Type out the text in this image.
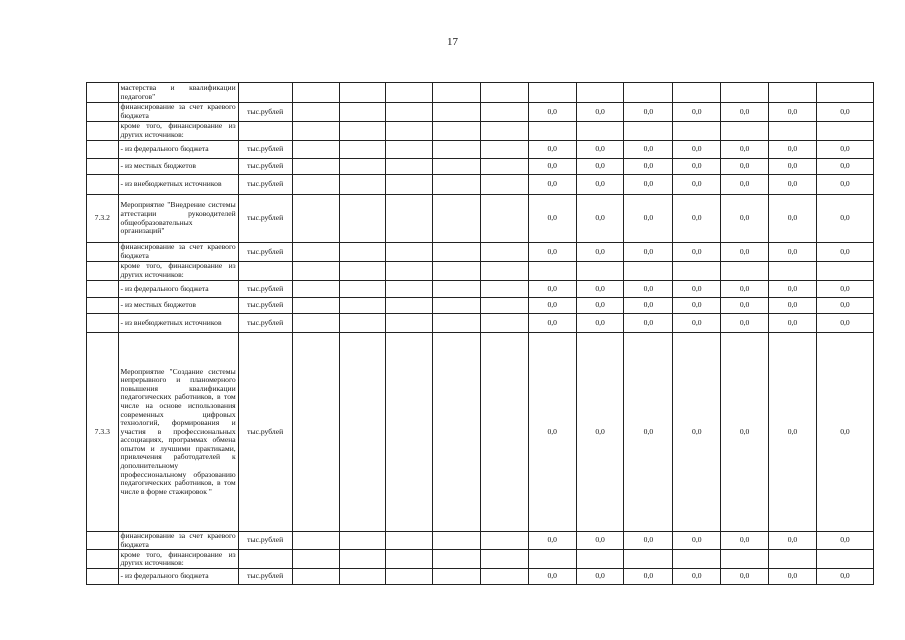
17
	мастерства и квалификации педагогов"													
	финансирование за счет краевого бюджета	тыс.рублей						0,0	0,0	0,0	0,0	0,0	0,0	0,0
	кроме того, финансирование из других источников:													
	- из федерального бюджета	тыс.рублей						0,0	0,0	0,0	0,0	0,0	0,0	0,0
	- из местных бюджетов	тыс.рублей						0,0	0,0	0,0	0,0	0,0	0,0	0,0
	- из внебюджетных источников	тыс.рублей						0,0	0,0	0,0	0,0	0,0	0,0	0,0
7.3.2	Мероприятие "Внедрение системы аттестации руководителей общеобразовательных организаций"	тыс.рублей						0,0	0,0	0,0	0,0	0,0	0,0	0,0
	финансирование за счет краевого бюджета	тыс.рублей						0,0	0,0	0,0	0,0	0,0	0,0	0,0
	кроме того, финансирование из других источников:													
	- из федерального бюджета	тыс.рублей						0,0	0,0	0,0	0,0	0,0	0,0	0,0
	- из местных бюджетов	тыс.рублей						0,0	0,0	0,0	0,0	0,0	0,0	0,0
	- из внебюджетных источников	тыс.рублей						0,0	0,0	0,0	0,0	0,0	0,0	0,0
7.3.3	Мероприятие "Создание системы непрерывного и планомерного повышения квалификации педагогических работников, в том числе на основе использования современных цифровых технологий, формирования и участия в профессиональных ассоциациях, программах обмена опытом и лучшими практиками, привлечения работодателей к дополнительному профессиональному образованию педагогических работников, в том числе в форме стажировок "	тыс.рублей						0,0	0,0	0,0	0,0	0,0	0,0	0,0
	финансирование за счет краевого бюджета	тыс.рублей						0,0	0,0	0,0	0,0	0,0	0,0	0,0
	кроме того, финансирование из других источников:													
	- из федерального бюджета	тыс.рублей						0,0	0,0	0,0	0,0	0,0	0,0	0,0
